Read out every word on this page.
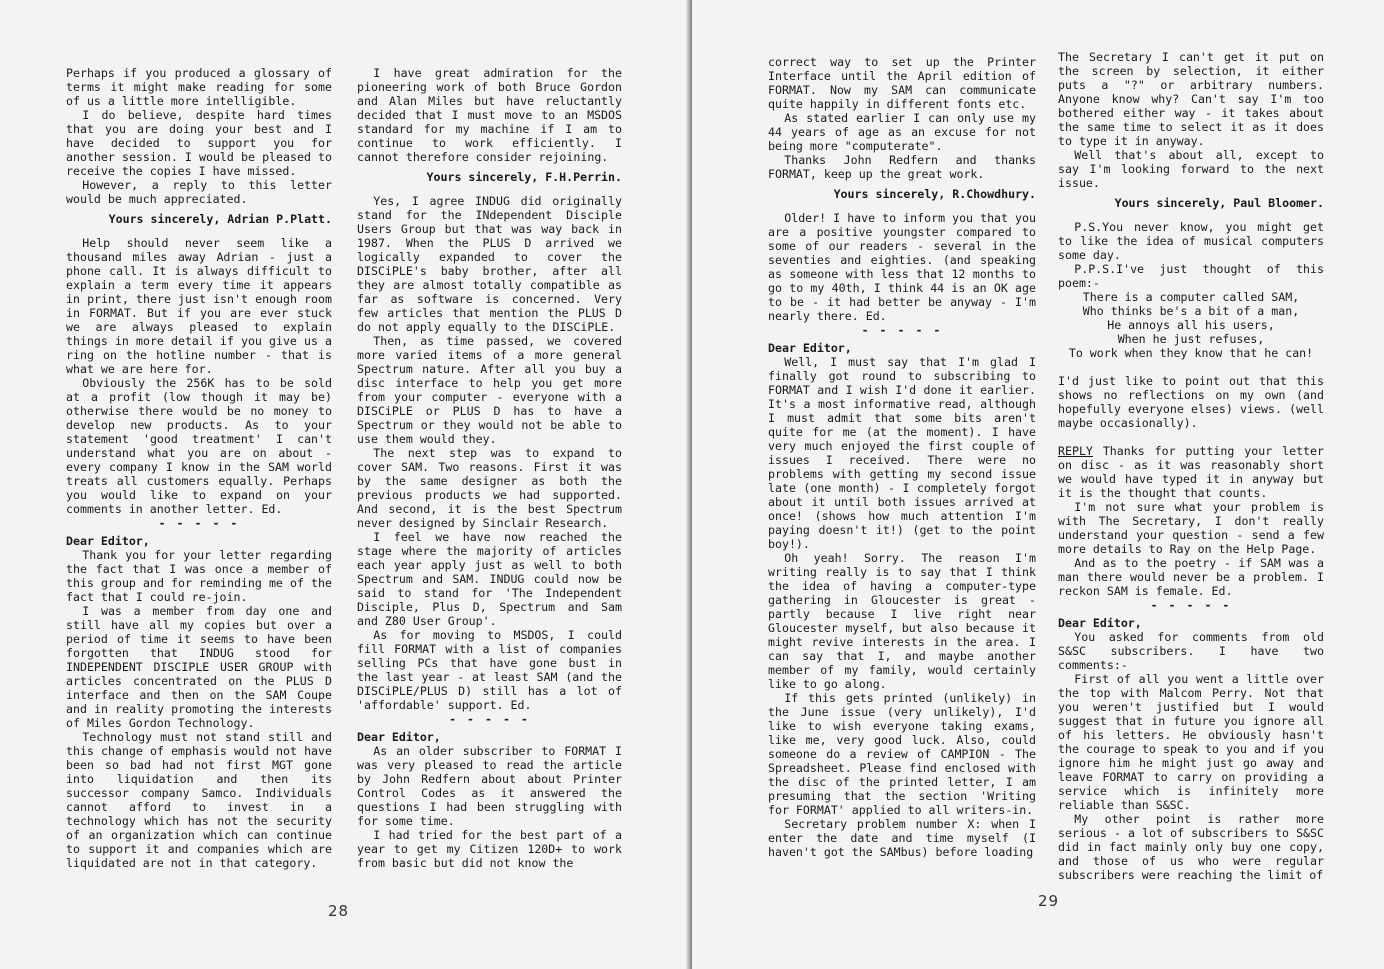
Perhaps if you produced a glossary of terms it might make reading for some of us a little more intelligible.

I do believe, despite hard times that you are doing your best and I have decided to support you for another session. I would be pleased to receive the copies I have missed.

However, a reply to this letter would be much appreciated.

Yours sincerely, Adrian P.Platt.

Help should never seem like a thousand miles away Adrian - just a phone call. It is always difficult to explain a term every time it appears in print, there just isn't enough room in FORMAT. But if you are ever stuck we are always pleased to explain things in more detail if you give us a ring on the hotline number - that is what we are here for.

Obviously the 256K has to be sold at a profit (low though it may be) otherwise there would be no money to develop new products. As to your statement 'good treatment' I can't understand what you are on about - every company I know in the SAM world treats all customers equally. Perhaps you would like to expand on your comments in another letter. Ed.

- - - - -

Dear Editor,

Thank you for your letter regarding the fact that I was once a member of this group and for reminding me of the fact that I could re-join.

I was a member from day one and still have all my copies but over a period of time it seems to have been forgotten that INDUG stood for INDEPENDENT DISCIPLE USER GROUP with articles concentrated on the PLUS D interface and then on the SAM Coupe and in reality promoting the interests of Miles Gordon Technology.

Technology must not stand still and this change of emphasis would not have been so bad had not first MGT gone into liquidation and then its successor company Samco. Individuals cannot afford to invest in a technology which has not the security of an organization which can continue to support it and companies which are liquidated are not in that category.

I have great admiration for the pioneering work of both Bruce Gordon and Alan Miles but have reluctantly decided that I must move to an MSDOS standard for my machine if I am to continue to work efficiently. I cannot therefore consider rejoining.

Yours sincerely, F.H.Perrin.

Yes, I agree INDUG did originally stand for the INdependent Disciple Users Group but that was way back in 1987. When the PLUS D arrived we logically expanded to cover the DISCiPLE's baby brother, after all they are almost totally compatible as far as software is concerned. Very few articles that mention the PLUS D do not apply equally to the DISCiPLE.

Then, as time passed, we covered more varied items of a more general Spectrum nature. After all you buy a disc interface to help you get more from your computer - everyone with a DISCiPLE or PLUS D has to have a Spectrum or they would not be able to use them would they.

The next step was to expand to cover SAM. Two reasons. First it was by the same designer as both the previous products we had supported. And second, it is the best Spectrum never designed by Sinclair Research.

I feel we have now reached the stage where the majority of articles each year apply just as well to both Spectrum and SAM. INDUG could now be said to stand for 'The Independent Disciple, Plus D, Spectrum and Sam and Z80 User Group'.

As for moving to MSDOS, I could fill FORMAT with a list of companies selling PCs that have gone bust in the last year - at least SAM (and the DISCiPLE/PLUS D) still has a lot of 'affordable' support. Ed.

- - - - -

Dear Editor,

As an older subscriber to FORMAT I was very pleased to read the article by John Redfern about about Printer Control Codes as it answered the questions I had been struggling with for some time.

I had tried for the best part of a year to get my Citizen 120D+ to work from basic but did not know the

28

correct way to set up the Printer Interface until the April edition of FORMAT. Now my SAM can communicate quite happily in different fonts etc.

As stated earlier I can only use my 44 years of age as an excuse for not being more "computerate".

Thanks John Redfern and thanks FORMAT, keep up the great work.

Yours sincerely, R.Chowdhury.

Older! I have to inform you that you are a positive youngster compared to some of our readers - several in the seventies and eighties. (and speaking as someone with less that 12 months to go to my 40th, I think 44 is an OK age to be - it had better be anyway - I'm nearly there. Ed.

- - - - -

Dear Editor,

Well, I must say that I'm glad I finally got round to subscribing to FORMAT and I wish I'd done it earlier. It's a most informative read, although I must admit that some bits aren't quite for me (at the moment). I have very much enjoyed the first couple of issues I received. There were no problems with getting my second issue late (one month) - I completely forgot about it until both issues arrived at once! (shows how much attention I'm paying doesn't it!) (get to the point boy!).

Oh yeah! Sorry. The reason I'm writing really is to say that I think the idea of having a computer-type gathering in Gloucester is great - partly because I live right near Gloucester myself, but also because it might revive interests in the area. I can say that I, and maybe another member of my family, would certainly like to go along.

If this gets printed (unlikely) in the June issue (very unlikely), I'd like to wish everyone taking exams, like me, very good luck. Also, could someone do a review of CAMPION - The Spreadsheet. Please find enclosed with the disc of the printed letter, I am presuming that the section 'Writing for FORMAT' applied to all writers-in.

Secretary problem number X: when I enter the date and time myself (I haven't got the SAMbus) before loading

The Secretary I can't get it put on the screen by selection, it either puts a "?" or arbitrary numbers. Anyone know why? Can't say I'm too bothered either way - it takes about the same time to select it as it does to type it in anyway.

Well that's about all, except to say I'm looking forward to the next issue.

Yours sincerely, Paul Bloomer.

P.S.You never know, you might get to like the idea of musical computers some day.

P.P.S.I've just thought of this poem:-

There is a computer called SAM,

Who thinks be's a bit of a man,

He annoys all his users,

When he just refuses,

To work when they know that he can!

I'd just like to point out that this shows no reflections on my own (and hopefully everyone elses) views. (well maybe occasionally).

REPLY Thanks for putting your letter on disc - as it was reasonably short we would have typed it in anyway but it is the thought that counts.

I'm not sure what your problem is with The Secretary, I don't really understand your question - send a few more details to Ray on the Help Page.

And as to the poetry - if SAM was a man there would never be a problem. I reckon SAM is female. Ed.

- - - - -

Dear Editor,

You asked for comments from old S&SC subscribers. I have two comments:-

First of all you went a little over the top with Malcom Perry. Not that you weren't justified but I would suggest that in future you ignore all of his letters. He obviously hasn't the courage to speak to you and if you ignore him he might just go away and leave FORMAT to carry on providing a service which is infinitely more reliable than S&SC.

My other point is rather more serious - a lot of subscribers to S&SC did in fact mainly only buy one copy, and those of us who were regular subscribers were reaching the limit of

29
